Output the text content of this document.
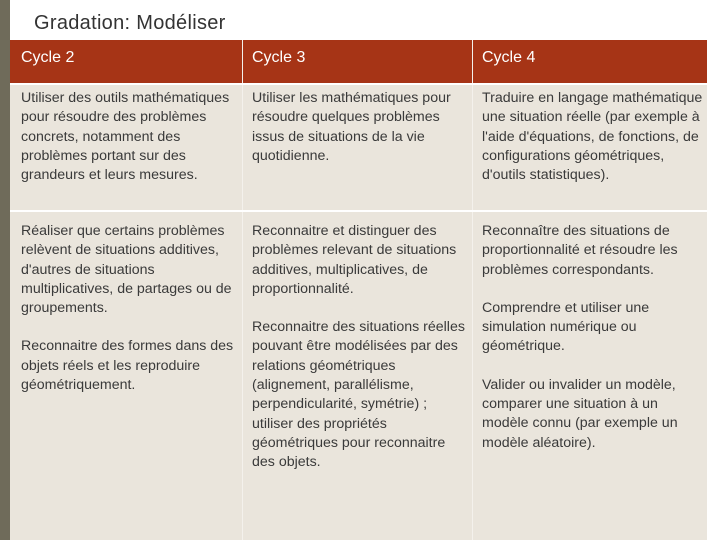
Gradation: Modéliser
Cycle 2	Cycle 3	Cycle 4

Utiliser des outils mathématiques pour résoudre des problèmes concrets, notamment des problèmes portant sur des grandeurs et leurs mesures.

Utiliser les mathématiques pour résoudre quelques problèmes issus de situations de la vie quotidienne.

Traduire en langage mathématique une situation réelle (par exemple à l'aide d'équations, de fonctions, de configurations géométriques, d'outils statistiques).

Réaliser que certains problèmes relèvent de situations additives, d'autres de situations multiplicatives, de partages ou de groupements.

Reconnaitre des formes dans des objets réels et les reproduire géométriquement.

Reconnaitre et distinguer des problèmes relevant de situations additives, multiplicatives, de proportionnalité.

Reconnaitre des situations réelles pouvant être modélisées par des relations géométriques (alignement, parallélisme, perpendicularité, symétrie) ; utiliser des propriétés géométriques pour reconnaitre des objets.

Reconnaître des situations de proportionnalité et résoudre les problèmes correspondants.

Comprendre et utiliser une simulation numérique ou géométrique.

Valider ou invalider un modèle, comparer une situation à un modèle connu (par exemple un modèle aléatoire).
